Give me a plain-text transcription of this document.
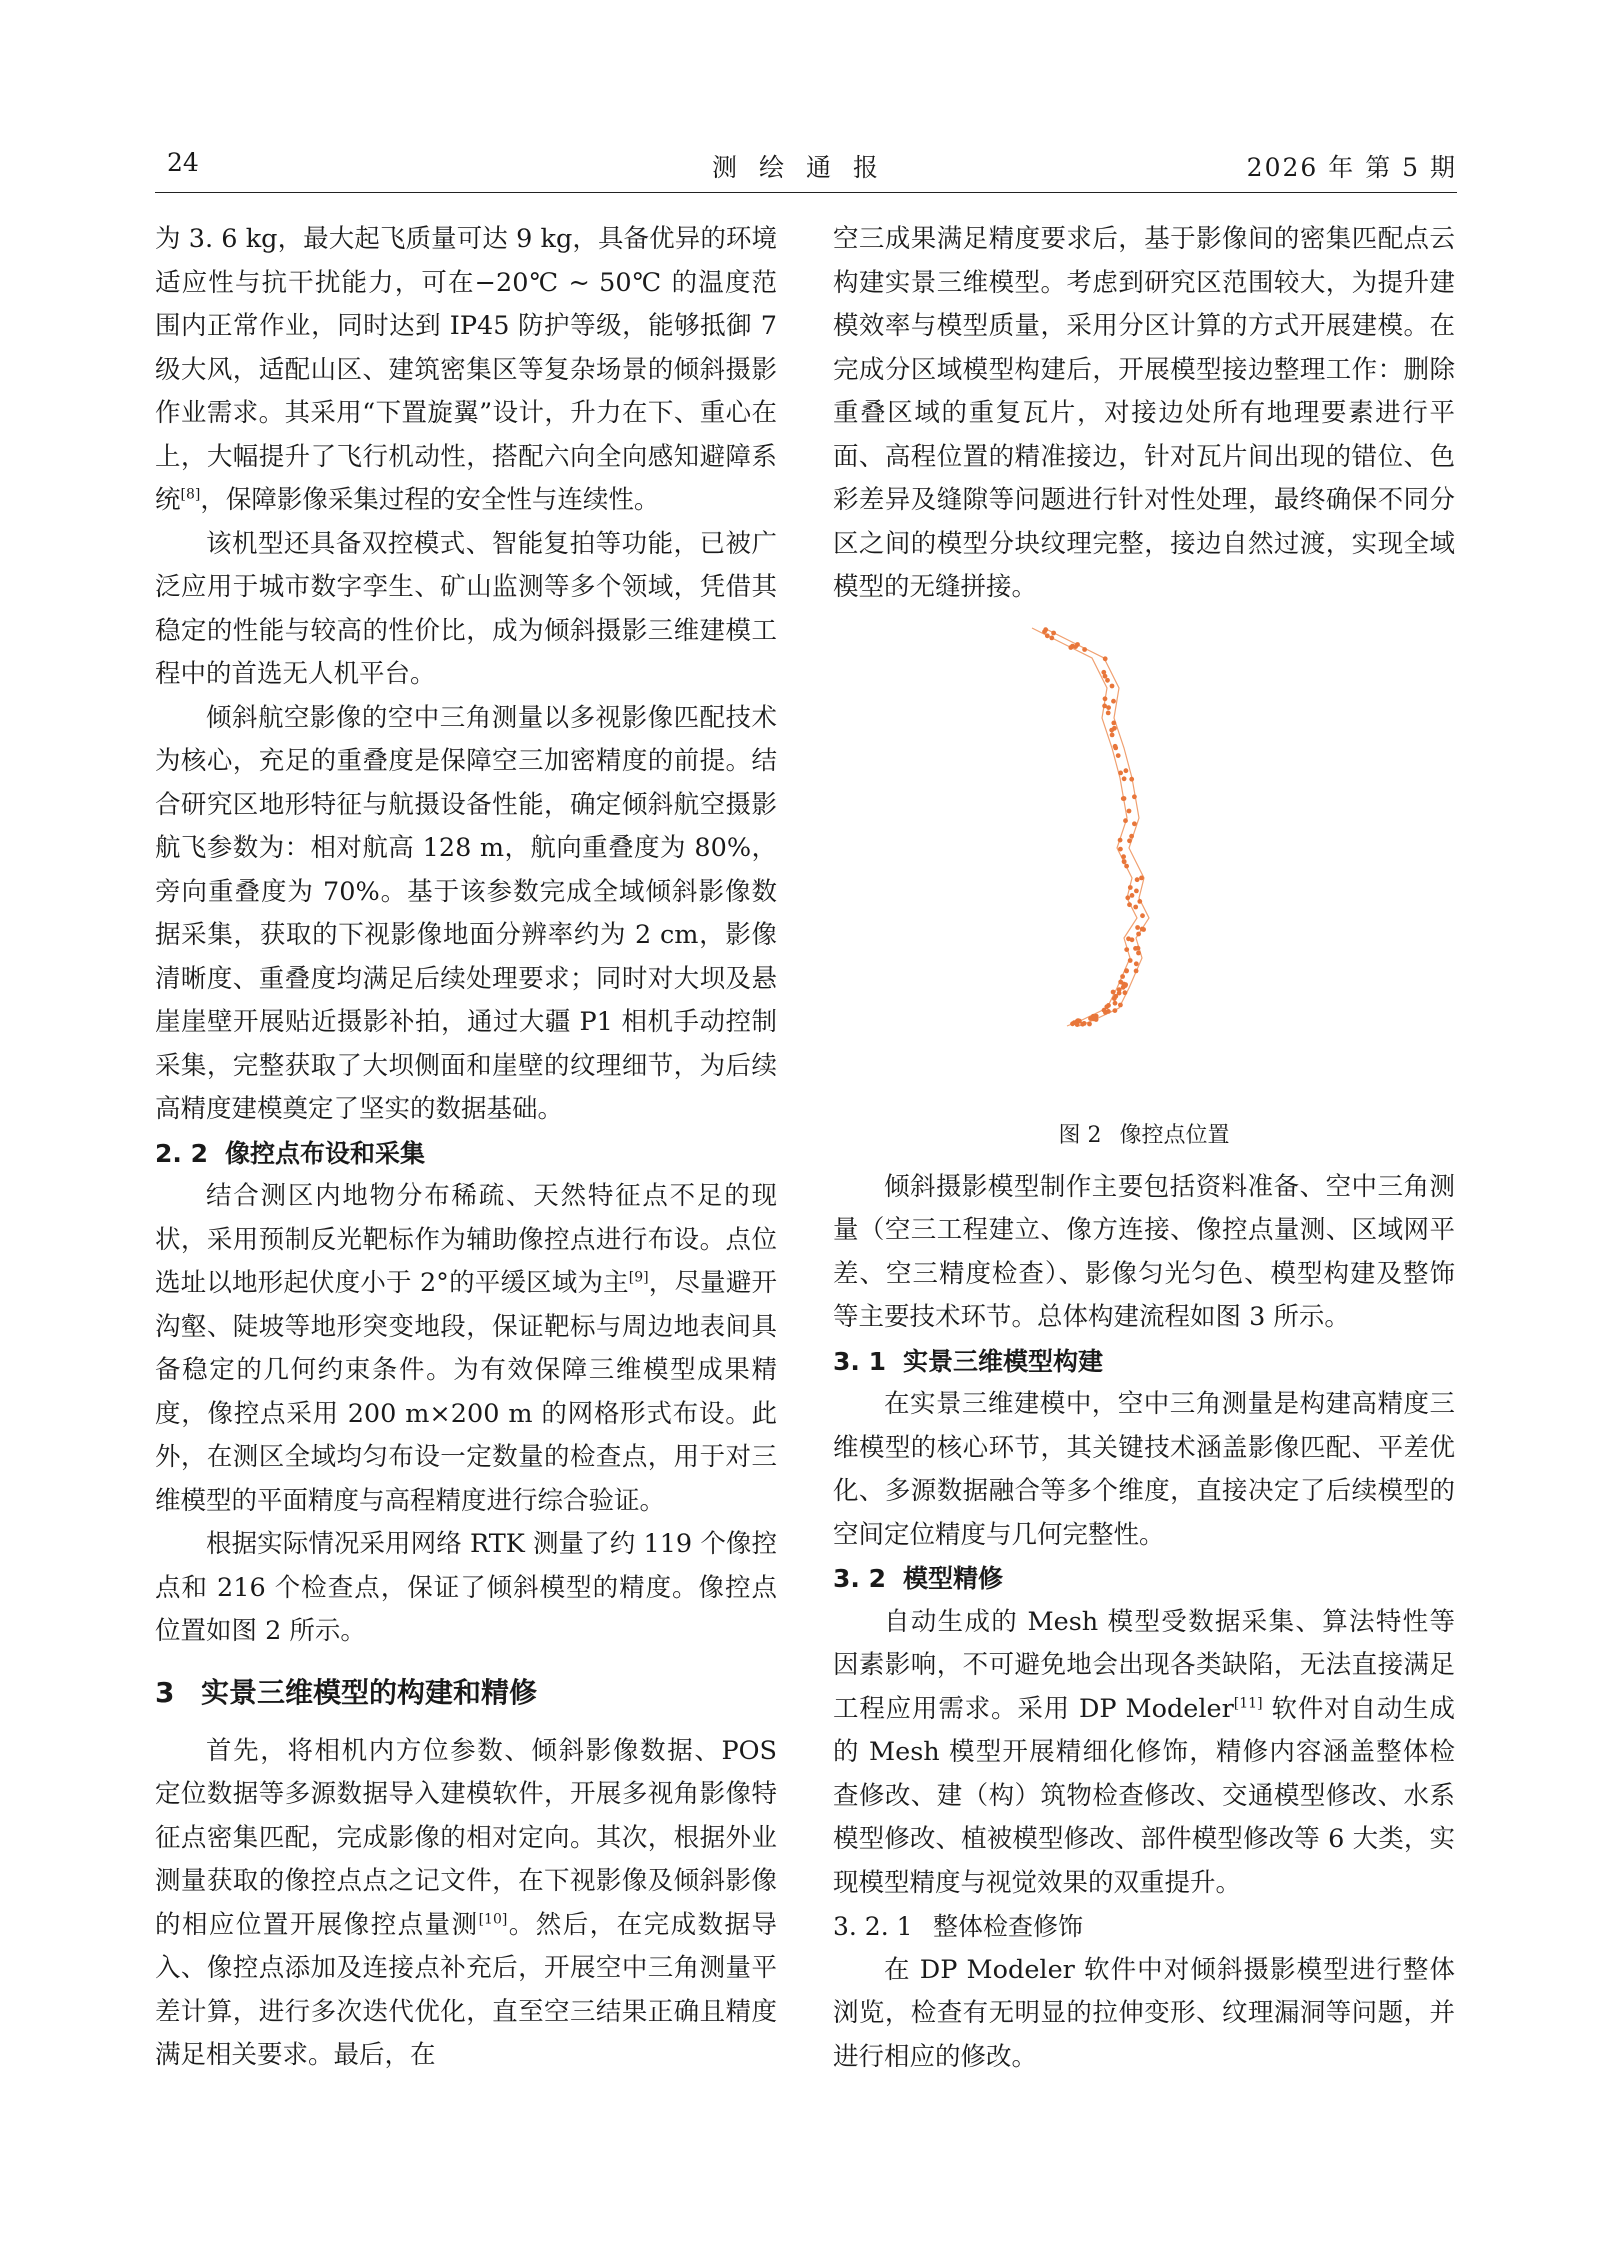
24	测绘通报	2026 年 第 5 期

为 3. 6 kg，最大起飞质量可达 9 kg，具备优异的环境适应性与抗干扰能力，可在−20℃ ~ 50℃ 的温度范围内正常作业，同时达到 IP45 防护等级，能够抵御 7 级大风，适配山区、建筑密集区等复杂场景的倾斜摄影作业需求。其采用“下置旋翼”设计，升力在下、重心在上，大幅提升了飞行机动性，搭配六向全向感知避障系统[8]，保障影像采集过程的安全性与连续性。

该机型还具备双控模式、智能复拍等功能，已被广泛应用于城市数字孪生、矿山监测等多个领域，凭借其稳定的性能与较高的性价比，成为倾斜摄影三维建模工程中的首选无人机平台。

倾斜航空影像的空中三角测量以多视影像匹配技术为核心，充足的重叠度是保障空三加密精度的前提。结合研究区地形特征与航摄设备性能，确定倾斜航空摄影航飞参数为：相对航高 128 m，航向重叠度为 80%，旁向重叠度为 70%。基于该参数完成全域倾斜影像数据采集，获取的下视影像地面分辨率约为 2 cm，影像清晰度、重叠度均满足后续处理要求；同时对大坝及悬崖崖壁开展贴近摄影补拍，通过大疆 P1 相机手动控制采集，完整获取了大坝侧面和崖壁的纹理细节，为后续高精度建模奠定了坚实的数据基础。

2. 2 像控点布设和采集

结合测区内地物分布稀疏、天然特征点不足的现状，采用预制反光靶标作为辅助像控点进行布设。点位选址以地形起伏度小于 2°的平缓区域为主[9]，尽量避开沟壑、陡坡等地形突变地段，保证靶标与周边地表间具备稳定的几何约束条件。为有效保障三维模型成果精度，像控点采用 200 m×200 m 的网格形式布设。此外，在测区全域均匀布设一定数量的检查点，用于对三维模型的平面精度与高程精度进行综合验证。

根据实际情况采用网络 RTK 测量了约 119 个像控点和 216 个检查点，保证了倾斜模型的精度。像控点位置如图 2 所示。

3 实景三维模型的构建和精修

首先，将相机内方位参数、倾斜影像数据、POS 定位数据等多源数据导入建模软件，开展多视角影像特征点密集匹配，完成影像的相对定向。其次，根据外业测量获取的像控点点之记文件，在下视影像及倾斜影像的相应位置开展像控点量测[10]。然后，在完成数据导入、像控点添加及连接点补充后，开展空中三角测量平差计算，进行多次迭代优化，直至空三结果正确且精度满足相关要求。最后，在

空三成果满足精度要求后，基于影像间的密集匹配点云构建实景三维模型。考虑到研究区范围较大，为提升建模效率与模型质量，采用分区计算的方式开展建模。在完成分区域模型构建后，开展模型接边整理工作：删除重叠区域的重复瓦片，对接边处所有地理要素进行平面、高程位置的精准接边，针对瓦片间出现的错位、色彩差异及缝隙等问题进行针对性处理，最终确保不同分区之间的模型分块纹理完整，接边自然过渡，实现全域模型的无缝拼接。

图 2 像控点位置

倾斜摄影模型制作主要包括资料准备、空中三角测量（空三工程建立、像方连接、像控点量测、区域网平差、空三精度检查）、影像匀光匀色、模型构建及整饰等主要技术环节。总体构建流程如图 3 所示。

3. 1 实景三维模型构建

在实景三维建模中，空中三角测量是构建高精度三维模型的核心环节，其关键技术涵盖影像匹配、平差优化、多源数据融合等多个维度，直接决定了后续模型的空间定位精度与几何完整性。

3. 2 模型精修

自动生成的 Mesh 模型受数据采集、算法特性等因素影响，不可避免地会出现各类缺陷，无法直接满足工程应用需求。采用 DP Modeler[11] 软件对自动生成的 Mesh 模型开展精细化修饰，精修内容涵盖整体检查修改、建（构）筑物检查修改、交通模型修改、水系模型修改、植被模型修改、部件模型修改等 6 大类，实现模型精度与视觉效果的双重提升。

3. 2. 1 整体检查修饰

在 DP Modeler 软件中对倾斜摄影模型进行整体浏览，检查有无明显的拉伸变形、纹理漏洞等问题，并进行相应的修改。
